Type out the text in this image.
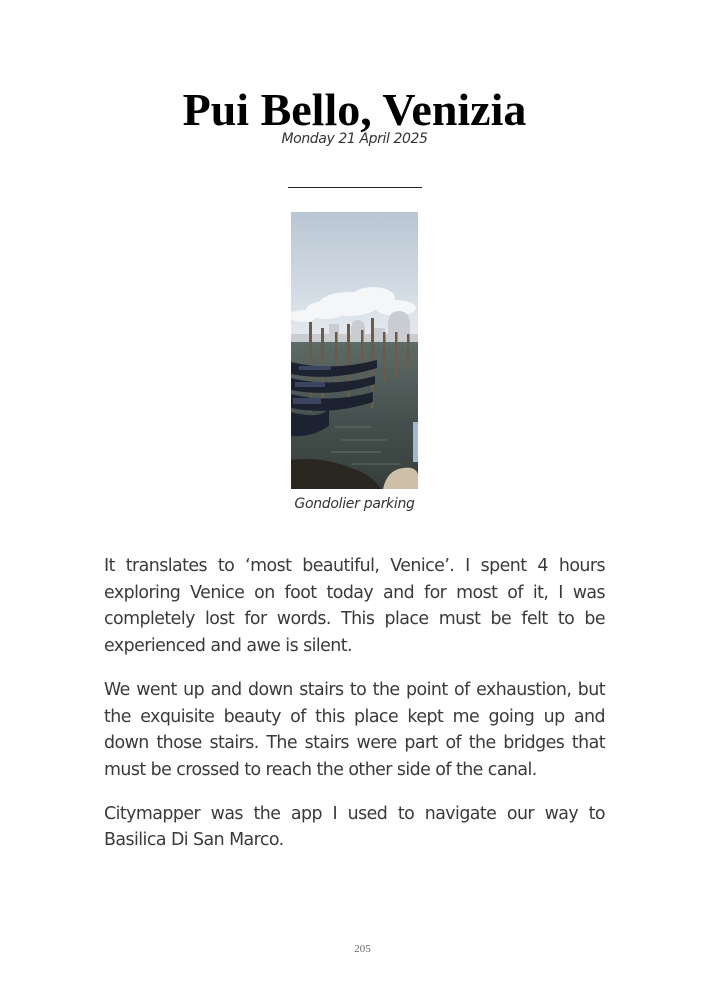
Pui Bello, Venizia
Monday 21 April 2025
Gondolier parking

It translates to ‘most beautiful, Venice’. I spent 4 hours exploring Venice on foot today and for most of it, I was completely lost for words. This place must be felt to be experienced and awe is silent.

We went up and down stairs to the point of exhaustion, but the exquisite beauty of this place kept me going up and down those stairs. The stairs were part of the bridges that must be crossed to reach the other side of the canal.

Citymapper was the app I used to navigate our way to Basilica Di San Marco.

205
